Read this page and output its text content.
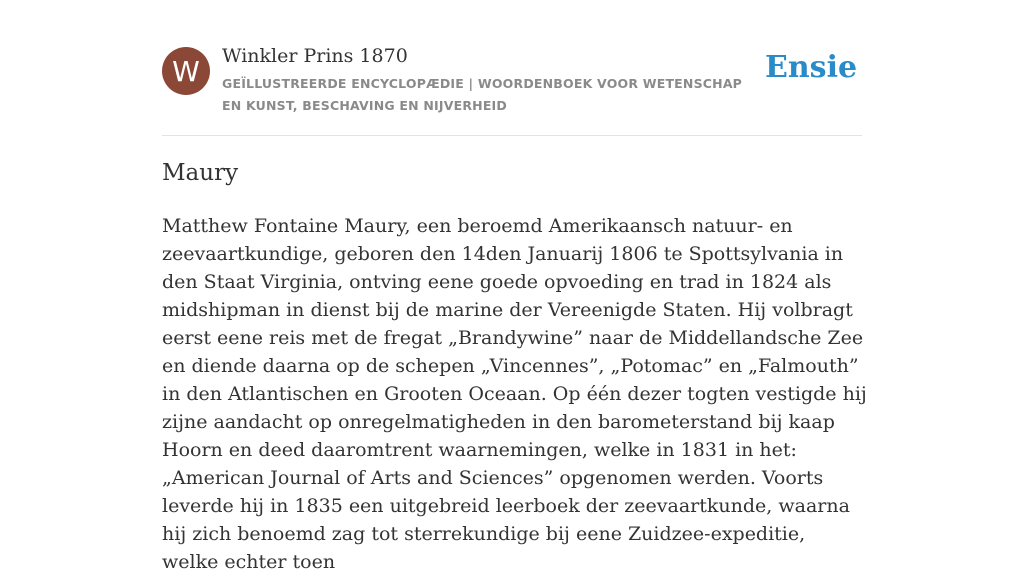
W	Winkler Prins 1870
GEÏLLUSTREERDE ENCYCLOPÆDIE | WOORDENBOEK VOOR WETENSCHAP EN KUNST, BESCHAVING EN NIJVERHEID
Ensie
Maury

Matthew Fontaine Maury, een beroemd Amerikaansch natuur- en zeevaartkundige, geboren den 14den Januarij 1806 te Spottsylvania in den Staat Virginia, ontving eene goede opvoeding en trad in 1824 als midshipman in dienst bij de marine der Vereenigde Staten. Hij volbragt eerst eene reis met de fregat „Brandywine” naar de Middellandsche Zee en diende daarna op de schepen „Vincennes”, „Potomac” en „Falmouth” in den Atlantischen en Grooten Oceaan. Op één dezer togten vestigde hij zijne aandacht op onregelmatigheden in den barometerstand bij kaap Hoorn en deed daaromtrent waarnemingen, welke in 1831 in het: „American Journal of Arts and Sciences” opgenomen werden. Voorts leverde hij in 1835 een uitgebreid leerboek der zeevaartkunde, waarna hij zich benoemd zag tot sterrekundige bij eene Zuidzee-expeditie, welke echter toen
